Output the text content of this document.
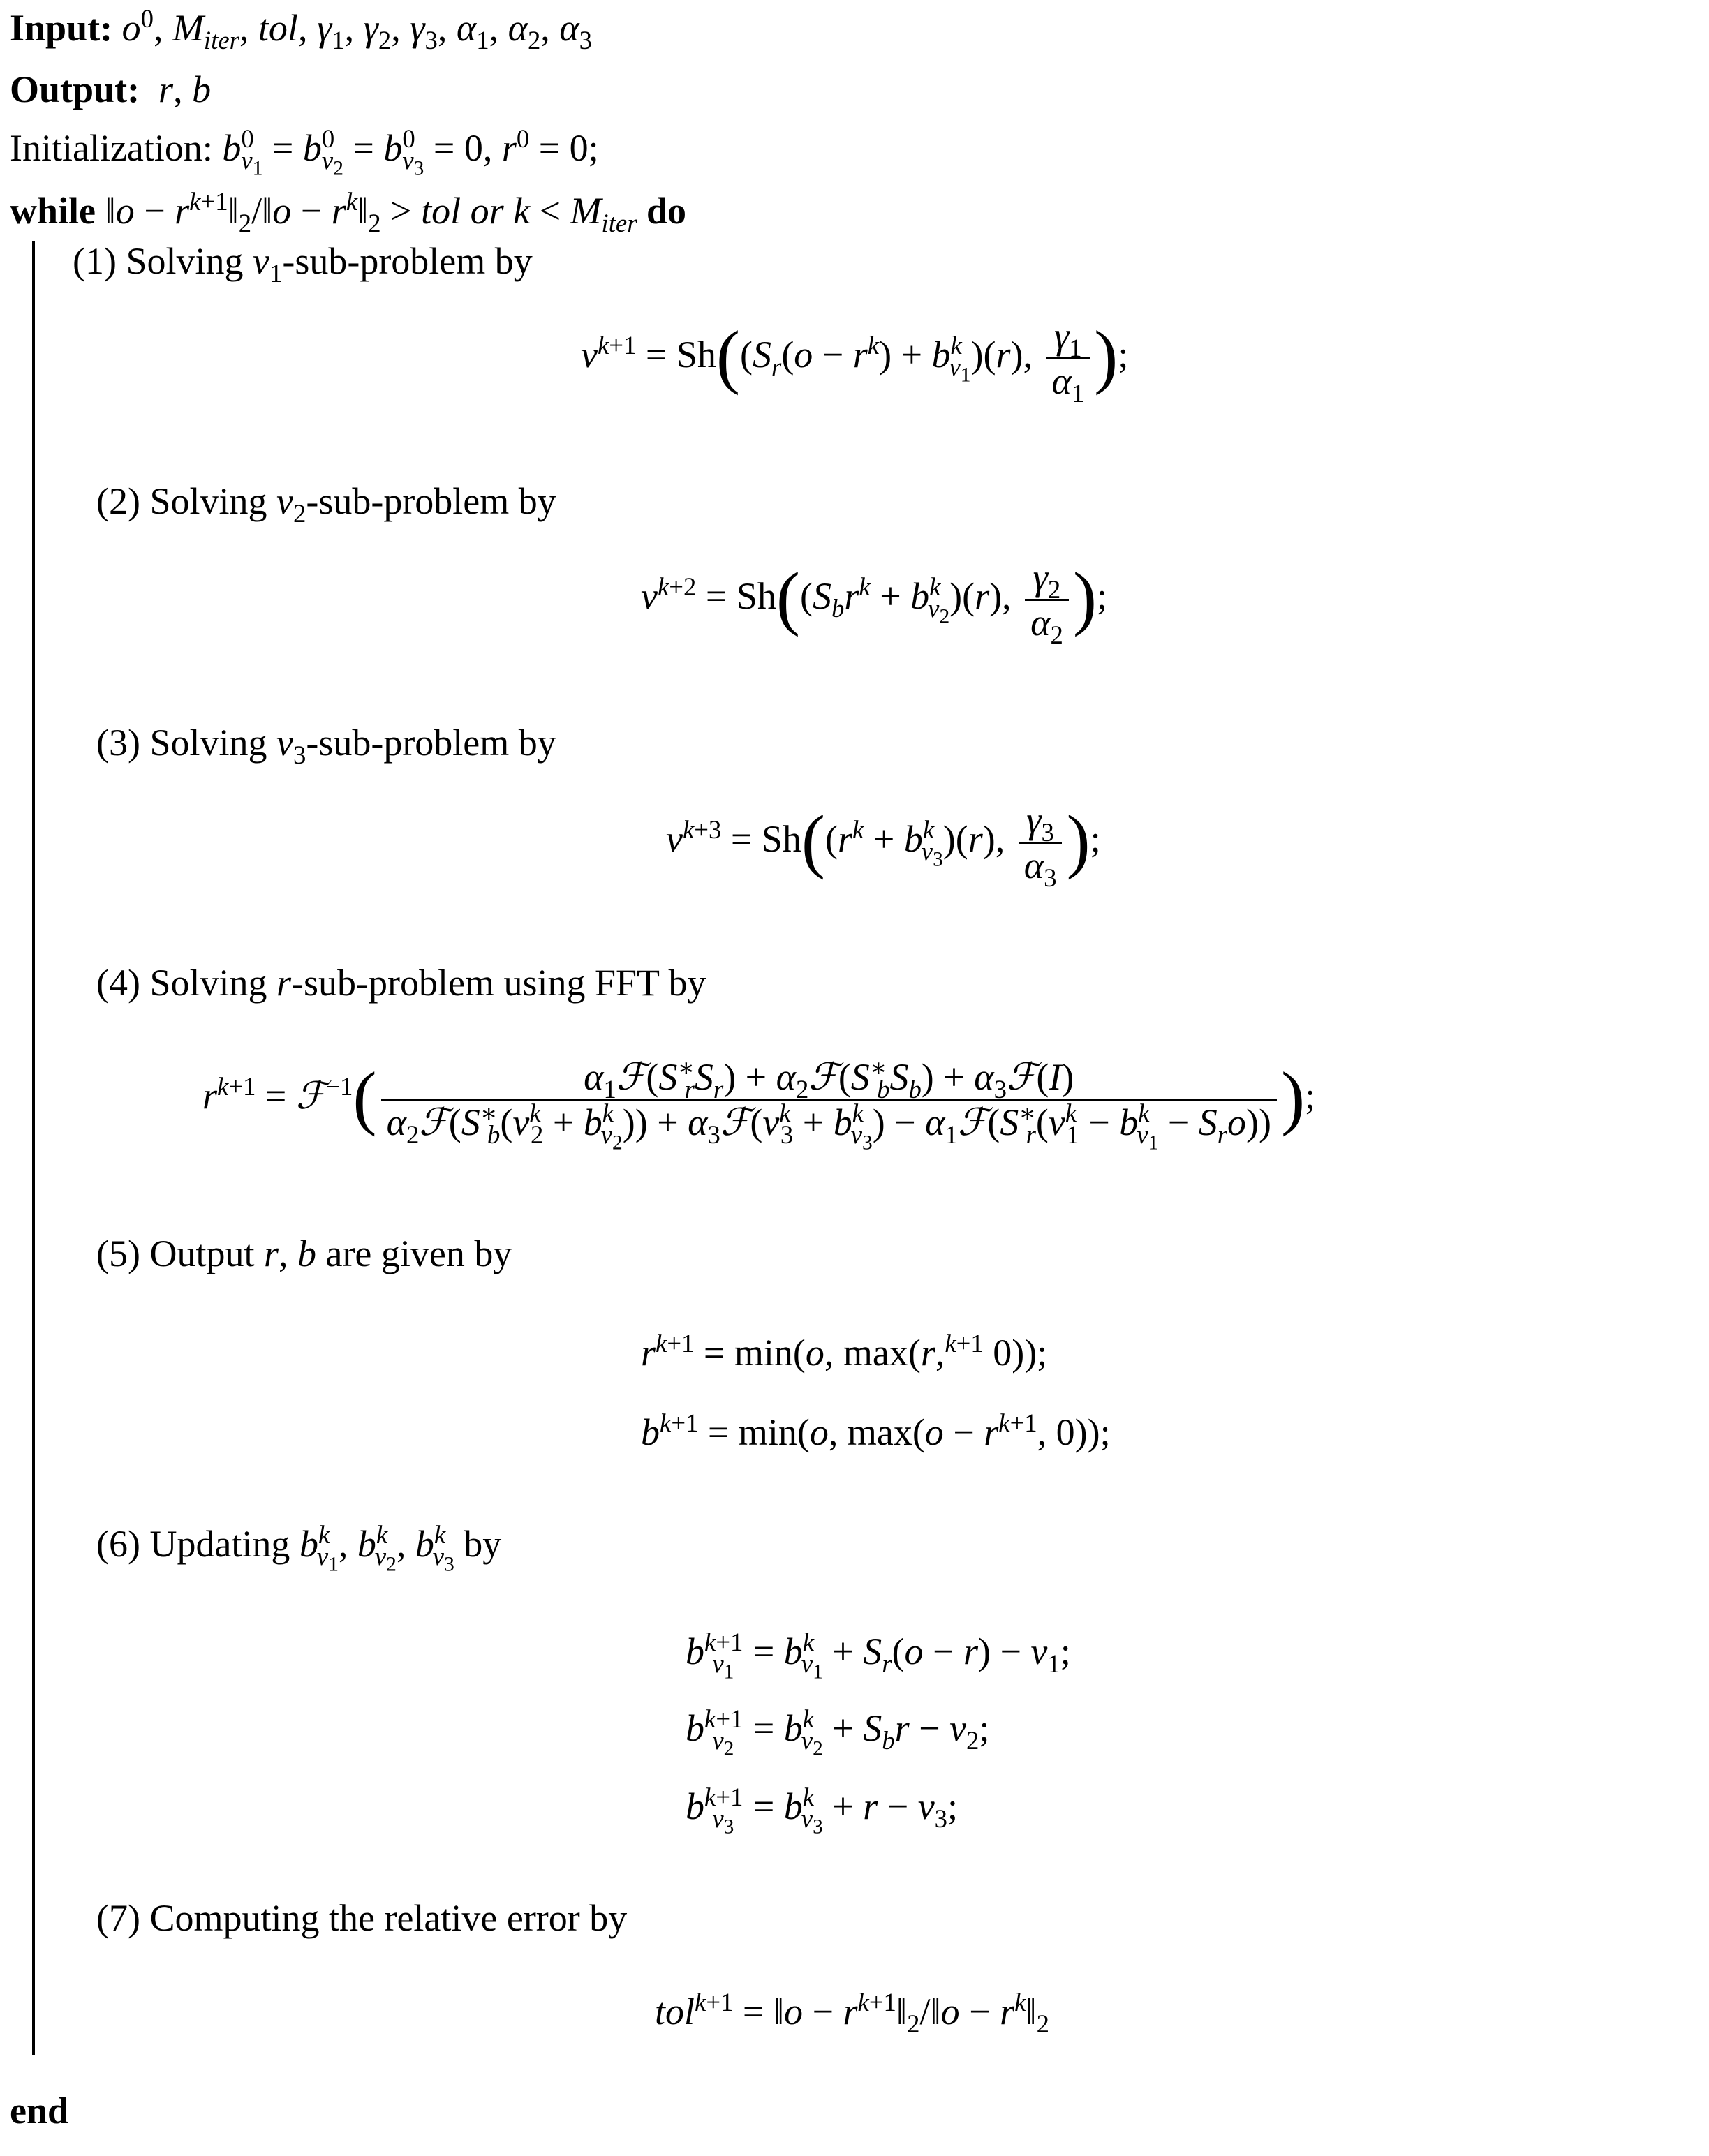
Input: $o^0$, $M_{iter}$, tol, $\gamma_1$, $\gamma_2$, $\gamma_3$, $\alpha_1$, $\alpha_2$, $\alpha_3$
Output: r, b
Initialization: $b^0_{v_1} = b^0_{v_2} = b^0_{v_3} = 0$, $r^0 = 0$;
while ‖o − $r^{k+1}‖_2/‖o$ − $r^k‖_2$ > tol or $k < M_{iter}$ do
(1) Solving $v_1-sub$-problem by
$v^{k+1} = Sh((S_r(o - r^k) + b^k_{v_1})(r)$, $\frac{\gamma_1}{\alpha_1}$ );
(2) Solving $v_2-sub$-problem by
$v^{k+2} = Sh((S_br^k + b^k_{v_2})(r)$, $\frac{\gamma_2}{\alpha_2}$ );
(3) Solving $v_3-sub$-problem by
$v^{k+3} = Sh((r^k + b^k_{v_3})(r)$, $\frac{\gamma_3}{\alpha_3}$ );
(4) Solving r-sub-problem using FFT by
$r^{k+1}$ = ℱ$^{-1}$(	$\alpha_1ℱ(S^∗_rS_r)$ + $\alpha_2ℱ(S^∗_bS_b)$ + $\alpha_3ℱ(I)$
$\alpha_2ℱ(S^∗_b(v^k_2 + b^k_{v_2}))$ + $\alpha_3ℱ(v^k_3 + b^k_{v_3})$ − $\alpha_1ℱ(S^∗_r(v^k_1 - b^k_{v_1} - S_ro))$ );
(5) Output r, b are given by
$r^{k+1} = \min(o$, max(r,$^{k+1}$ 0));
$b^{k+1} = \min(o$, $\max(o - r^{k+1}$, 0));
(6) Updating $b^k_{v_1}$, $b^k_{v_2}$, $b^k_{v_3}$ by
$b^{k+1}_{v_1} = b^k_{v_1} + S_r(o - r) - v_1$;
$b^{k+1}_{v_2} = b^k_{v_2} + S_br - v_2$;
$b^{k+1}_{v_3} = b^k_{v_3} + r - v_3$;
(7) Computing the relative error by
tol$^{k+1}$ = ‖o − $r^{k+1}‖_2/‖o$ − $r^k‖_2$
end
